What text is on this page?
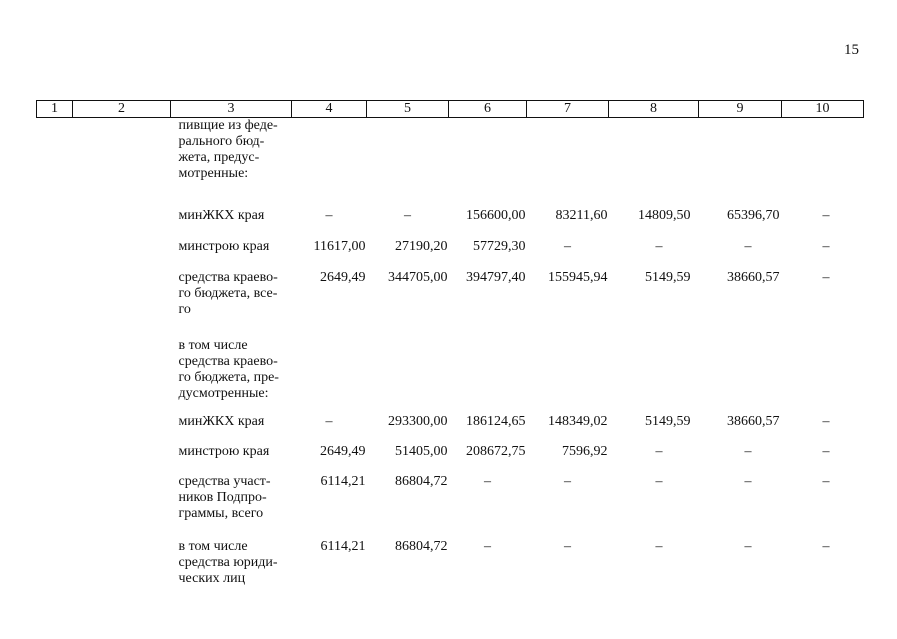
15
1	2	3	4	5	6	7	8	9	10

		пивщие из феде-
рального бюд-
жета, предус-
мотренные:							

		минЖКХ края	–	–	156600,00	83211,60	14809,50	65396,70	–

		минстрою края	11617,00	27190,20	57729,30	–	–	–	–

		средства краево-
го бюджета, все-
го	2649,49	344705,00	394797,40	155945,94	5149,59	38660,57	–

		в том числе
средства краево-
го бюджета, пре-
дусмотренные:							

		минЖКХ края	–	293300,00	186124,65	148349,02	5149,59	38660,57	–

		минстрою края	2649,49	51405,00	208672,75	7596,92	–	–	–

		средства участ-
ников Подпро-
граммы, всего	6114,21	86804,72	–	–	–	–	–

		в том числе
средства юриди-
ческих лиц	6114,21	86804,72	–	–	–	–	–
